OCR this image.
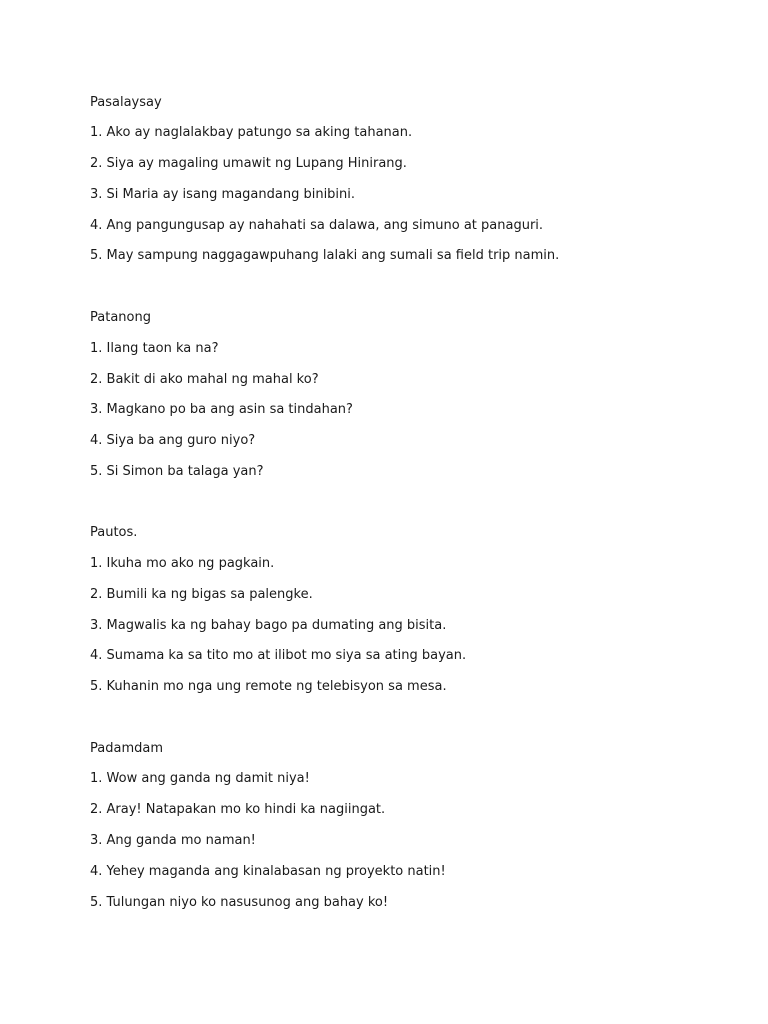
Pasalaysay
1. Ako ay naglalakbay patungo sa aking tahanan.
2. Siya ay magaling umawit ng Lupang Hinirang.
3. Si Maria ay isang magandang binibini.
4. Ang pangungusap ay nahahati sa dalawa, ang simuno at panaguri.
5. May sampung naggagawpuhang lalaki ang sumali sa field trip namin.
Patanong
1. Ilang taon ka na?
2. Bakit di ako mahal ng mahal ko?
3. Magkano po ba ang asin sa tindahan?
4. Siya ba ang guro niyo?
5. Si Simon ba talaga yan?
Pautos.
1. Ikuha mo ako ng pagkain.
2. Bumili ka ng bigas sa palengke.
3. Magwalis ka ng bahay bago pa dumating ang bisita.
4. Sumama ka sa tito mo at ilibot mo siya sa ating bayan.
5. Kuhanin mo nga ung remote ng telebisyon sa mesa.
Padamdam
1. Wow ang ganda ng damit niya!
2. Aray! Natapakan mo ko hindi ka nagiingat.
3. Ang ganda mo naman!
4. Yehey maganda ang kinalabasan ng proyekto natin!
5. Tulungan niyo ko nasusunog ang bahay ko!
